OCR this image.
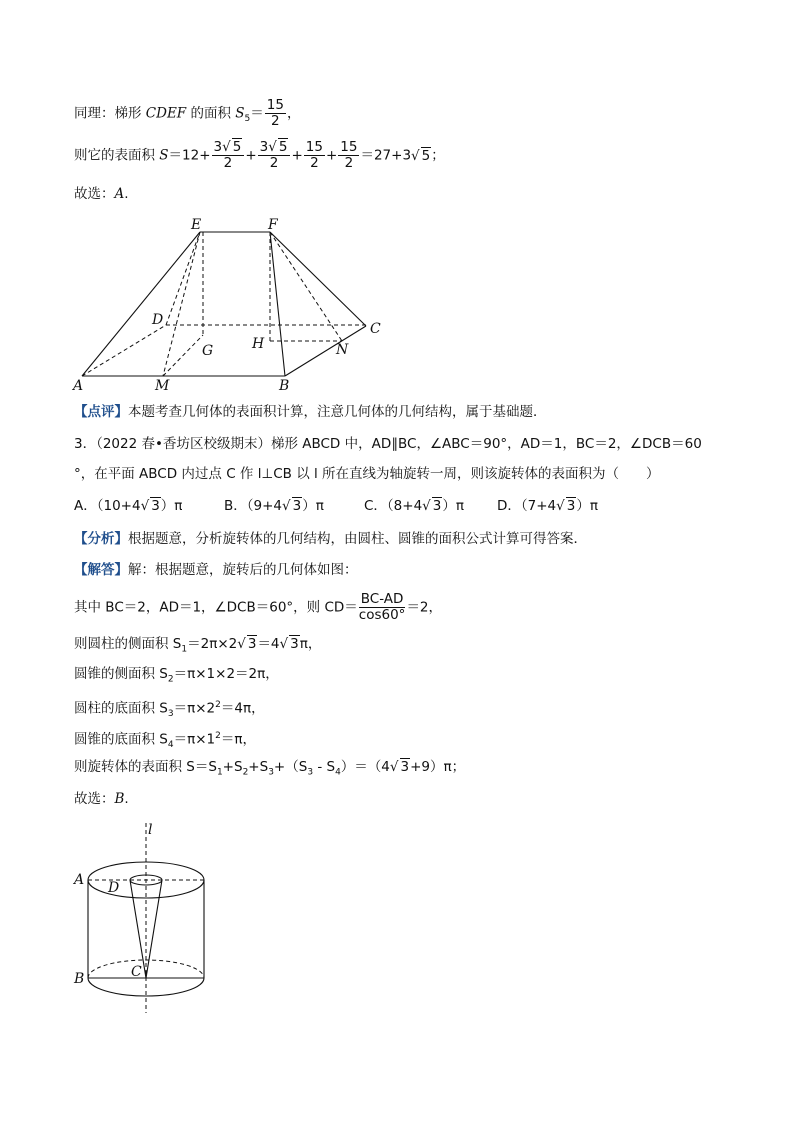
同理：梯形 CDEF 的面积 $S_5= \frac{15}{2}$ ，
则它的表面积 $S=12+ \frac{3√ 5}{2} + \frac{3√ 5}{2} + \frac{15}{2} + \frac{15}{2} =27+3√$ 5；
故选：A.
E	F
D
C
G	H	N
A	M	B
【点评】本题考查几何体的表面积计算，注意几何体的几何结构，属于基础题．
3．（2022 春•香坊区校级期末）梯形 ABCD 中，AD∥BC，∠ABC＝90°，AD＝1，BC＝2，∠DCB＝60
°，在平面 ABCD 内过点 C 作 l⊥CB 以 l 所在直线为轴旋转一周，则该旋转体的表面积为（　　）
A．（10+4√ 3）π	B．（9+4√ 3）π	C．（8+4√ 3）π D．（7+4√ 3）π
【分析】根据题意，分析旋转体的几何结构，由圆柱、圆锥的面积公式计算可得答案．
【解答】解：根据题意，旋转后的几何体如图：
其中 BC＝2，AD＝1，∠DCB＝60°，则 $CD= \frac{BC-AD}{\cos 60^\circ} =2$，
则圆柱的侧面积 $S_1=2\pi\times 2√$ 3＝4√ 3π，
圆锥的侧面积 $S_2=\pi\times 1\times 2=2\pi$，
圆柱的底面积 $S_3=\pi\times 2^2=4\pi$，
圆锥的底面积 $S_4=\pi\times 1^2=\pi$，
则旋转体的表面积 $S=S_1+S_2+S_3+(S_3 - S_4)=(4√$ 3+9）π；
故选：B.
l
A D
B	C
